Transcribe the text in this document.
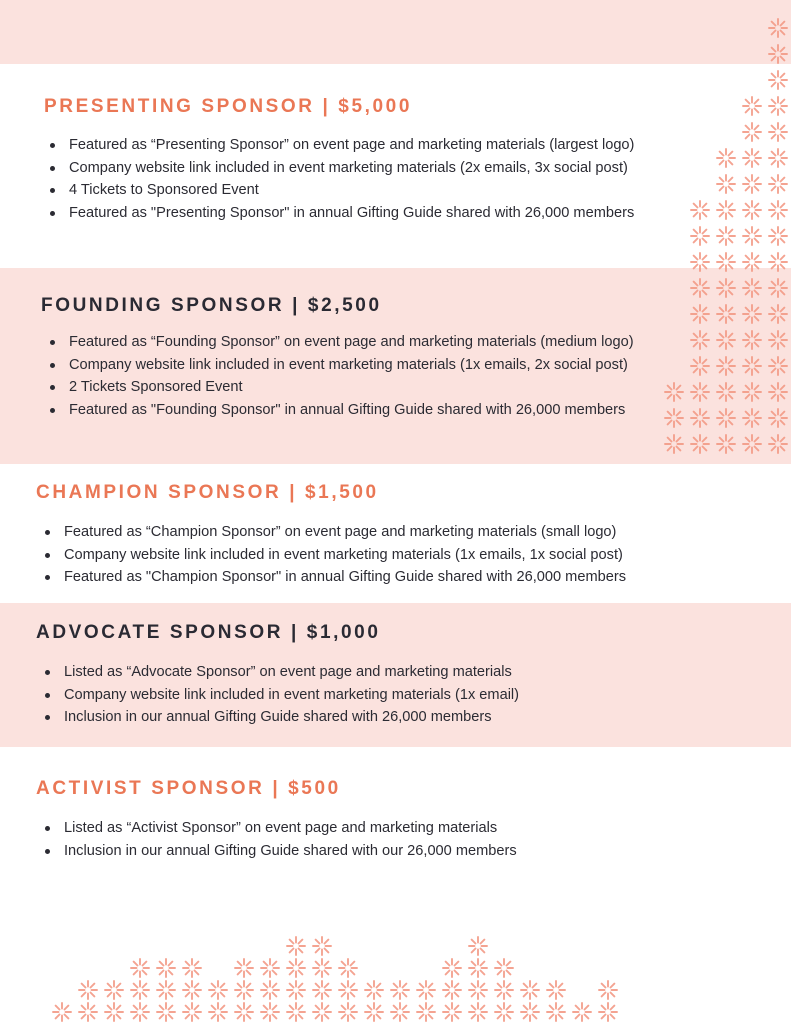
PRESENTING SPONSOR | $5,000
Featured as “Presenting Sponsor” on event page and marketing materials (largest logo)
Company website link included in event marketing materials (2x emails, 3x social post)
4 Tickets to Sponsored Event
Featured as "Presenting Sponsor" in annual Gifting Guide shared with 26,000 members
FOUNDING SPONSOR | $2,500
Featured as “Founding Sponsor” on event page and marketing materials (medium logo)
Company website link included in event marketing materials (1x emails, 2x social post)
2 Tickets Sponsored Event
Featured as "Founding Sponsor" in annual Gifting Guide shared with 26,000 members
CHAMPION SPONSOR | $1,500
Featured as “Champion Sponsor” on event page and marketing materials (small logo)
Company website link included in event marketing materials (1x emails, 1x social post)
Featured as "Champion Sponsor" in annual Gifting Guide shared with 26,000 members
ADVOCATE SPONSOR | $1,000
Listed as “Advocate Sponsor” on event page and marketing materials
Company website link included in event marketing materials (1x email)
Inclusion in our annual Gifting Guide shared with 26,000 members
ACTIVIST SPONSOR | $500
Listed as “Activist Sponsor” on event page and marketing materials
Inclusion in our annual Gifting Guide shared with our 26,000 members
